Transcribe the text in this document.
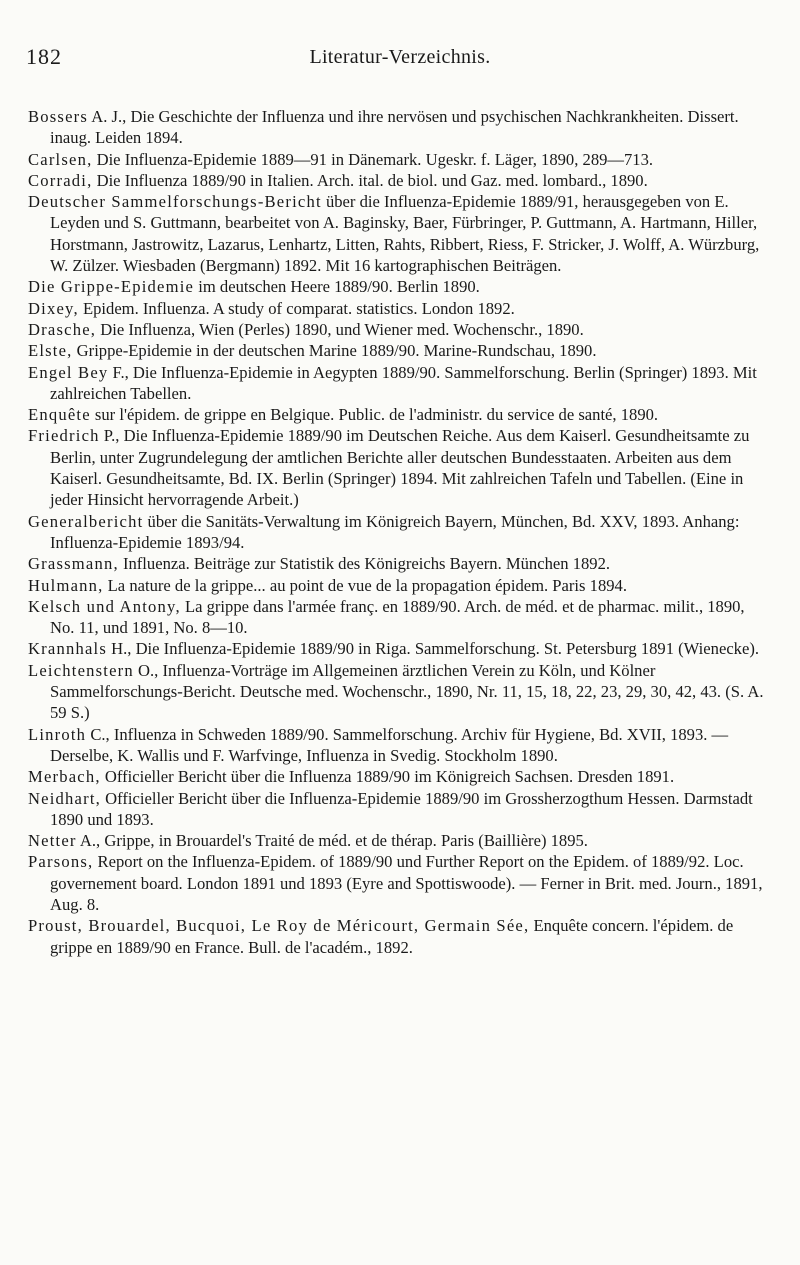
182	Literatur-Verzeichnis.

Bossers A. J., Die Geschichte der Influenza und ihre nervösen und psychischen Nachkrankheiten. Dissert. inaug. Leiden 1894.

Carlsen, Die Influenza-Epidemie 1889—91 in Dänemark. Ugeskr. f. Läger, 1890, 289—713.

Corradi, Die Influenza 1889/90 in Italien. Arch. ital. de biol. und Gaz. med. lombard., 1890.

Deutscher Sammelforschungs-Bericht über die Influenza-Epidemie 1889/91, herausgegeben von E. Leyden und S. Guttmann, bearbeitet von A. Baginsky, Baer, Fürbringer, P. Guttmann, A. Hartmann, Hiller, Horstmann, Jastrowitz, Lazarus, Lenhartz, Litten, Rahts, Ribbert, Riess, F. Stricker, J. Wolff, A. Würzburg, W. Zülzer. Wiesbaden (Bergmann) 1892. Mit 16 kartographischen Beiträgen.

Die Grippe-Epidemie im deutschen Heere 1889/90. Berlin 1890.

Dixey, Epidem. Influenza. A study of comparat. statistics. London 1892.

Drasche, Die Influenza, Wien (Perles) 1890, und Wiener med. Wochenschr., 1890.

Elste, Grippe-Epidemie in der deutschen Marine 1889/90. Marine-Rundschau, 1890.

Engel Bey F., Die Influenza-Epidemie in Aegypten 1889/90. Sammelforschung. Berlin (Springer) 1893. Mit zahlreichen Tabellen.

Enquête sur l'épidem. de grippe en Belgique. Public. de l'administr. du service de santé, 1890.

Friedrich P., Die Influenza-Epidemie 1889/90 im Deutschen Reiche. Aus dem Kaiserl. Gesundheitsamte zu Berlin, unter Zugrundelegung der amtlichen Berichte aller deutschen Bundesstaaten. Arbeiten aus dem Kaiserl. Gesundheitsamte, Bd. IX. Berlin (Springer) 1894. Mit zahlreichen Tafeln und Tabellen. (Eine in jeder Hinsicht hervorragende Arbeit.)

Generalbericht über die Sanitäts-Verwaltung im Königreich Bayern, München, Bd. XXV, 1893. Anhang: Influenza-Epidemie 1893/94.

Grassmann, Influenza. Beiträge zur Statistik des Königreichs Bayern. München 1892.

Hulmann, La nature de la grippe... au point de vue de la propagation épidem. Paris 1894.

Kelsch und Antony, La grippe dans l'armée franç. en 1889/90. Arch. de méd. et de pharmac. milit., 1890, No. 11, und 1891, No. 8—10.

Krannhals H., Die Influenza-Epidemie 1889/90 in Riga. Sammelforschung. St. Petersburg 1891 (Wienecke).

Leichtenstern O., Influenza-Vorträge im Allgemeinen ärztlichen Verein zu Köln, und Kölner Sammelforschungs-Bericht. Deutsche med. Wochenschr., 1890, Nr. 11, 15, 18, 22, 23, 29, 30, 42, 43. (S. A. 59 S.)

Linroth C., Influenza in Schweden 1889/90. Sammelforschung. Archiv für Hygiene, Bd. XVII, 1893. — Derselbe, K. Wallis und F. Warfvinge, Influenza in Svedig. Stockholm 1890.

Merbach, Officieller Bericht über die Influenza 1889/90 im Königreich Sachsen. Dresden 1891.

Neidhart, Officieller Bericht über die Influenza-Epidemie 1889/90 im Grossherzogthum Hessen. Darmstadt 1890 und 1893.

Netter A., Grippe, in Brouardel's Traité de méd. et de thérap. Paris (Baillière) 1895.

Parsons, Report on the Influenza-Epidem. of 1889/90 und Further Report on the Epidem. of 1889/92. Loc. governement board. London 1891 und 1893 (Eyre and Spottiswoode). — Ferner in Brit. med. Journ., 1891, Aug. 8.

Proust, Brouardel, Bucquoi, Le Roy de Méricourt, Germain Sée, Enquête concern. l'épidem. de grippe en 1889/90 en France. Bull. de l'académ., 1892.
